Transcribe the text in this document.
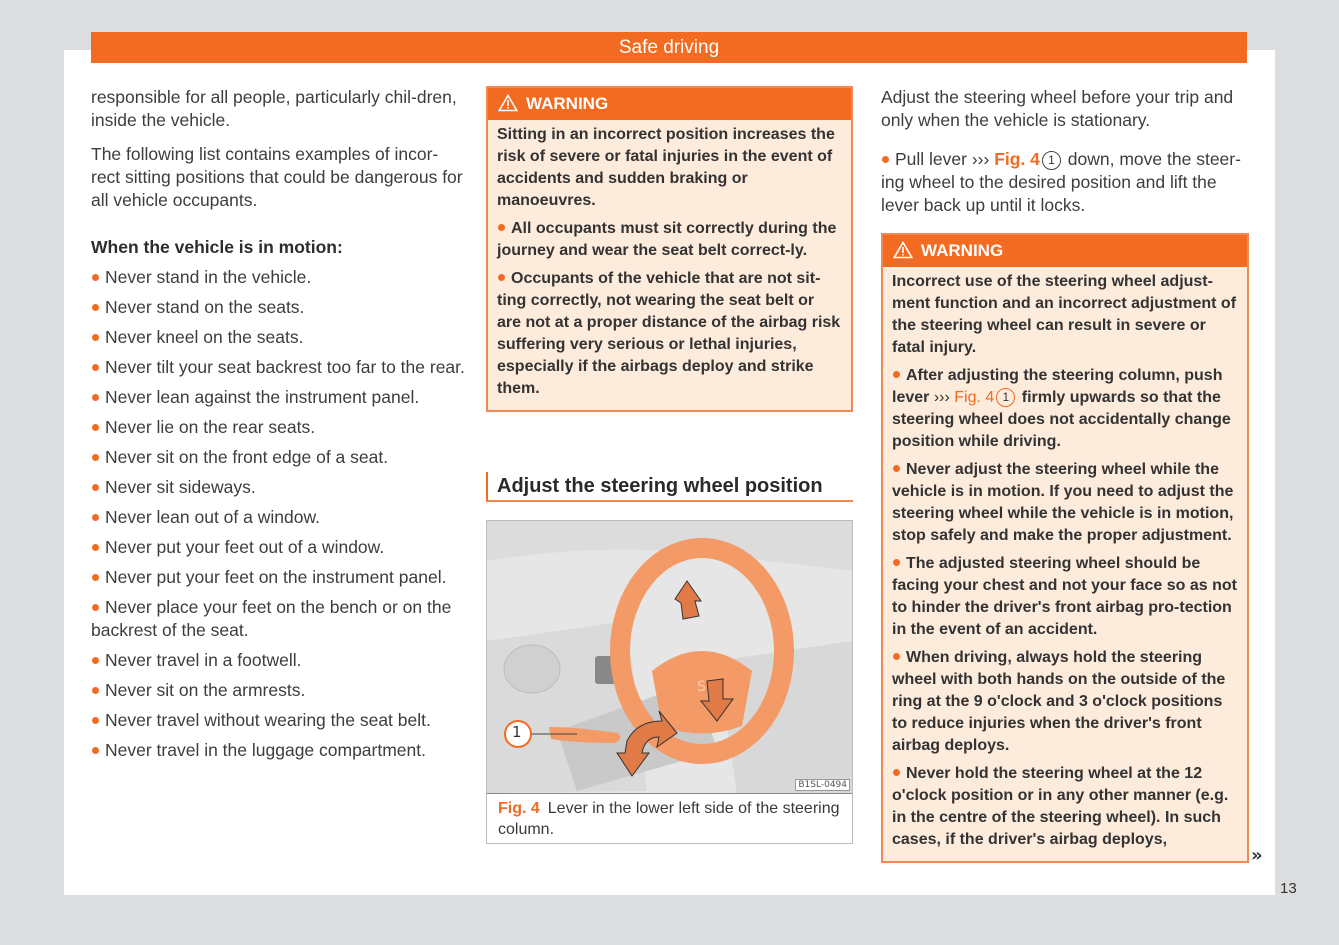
Safe driving

responsible for all people, particularly chil-dren, inside the vehicle.

The following list contains examples of incor-rect sitting positions that could be dangerous for all vehicle occupants.

When the vehicle is in motion:

Never stand in the vehicle.

Never stand on the seats.

Never kneel on the seats.

Never tilt your seat backrest too far to the rear.

Never lean against the instrument panel.

Never lie on the rear seats.

Never sit on the front edge of a seat.

Never sit sideways.

Never lean out of a window.

Never put your feet out of a window.

Never put your feet on the instrument panel.

Never place your feet on the bench or on the backrest of the seat.

Never travel in a footwell.

Never sit on the armrests.

Never travel without wearing the seat belt.

Never travel in the luggage compartment.

WARNING

Sitting in an incorrect position increases the risk of severe or fatal injuries in the event of accidents and sudden braking or manoeuvres.

All occupants must sit correctly during the journey and wear the seat belt correct-ly.

Occupants of the vehicle that are not sit-ting correctly, not wearing the seat belt or are not at a proper distance of the airbag risk suffering very serious or lethal injuries, especially if the airbags deploy and strike them.

Adjust the steering wheel position
S
1
B1SL-0494
Fig. 4 Lever in the lower left side of the steering column.

Adjust the steering wheel before your trip and only when the vehicle is stationary.

Pull lever ››› Fig. 4 1 down, move the steer-ing wheel to the desired position and lift the lever back up until it locks.

WARNING

Incorrect use of the steering wheel adjust-ment function and an incorrect adjustment of the steering wheel can result in severe or fatal injury.

After adjusting the steering column, push lever ››› Fig. 4 1 firmly upwards so that the steering wheel does not accidentally change position while driving.

Never adjust the steering wheel while the vehicle is in motion. If you need to adjust the steering wheel while the vehicle is in motion, stop safely and make the proper adjustment.

The adjusted steering wheel should be facing your chest and not your face so as not to hinder the driver's front airbag pro-tection in the event of an accident.

When driving, always hold the steering wheel with both hands on the outside of the ring at the 9 o'clock and 3 o'clock positions to reduce injuries when the driver's front airbag deploys.

Never hold the steering wheel at the 12 o'clock position or in any other manner (e.g. in the centre of the steering wheel). In such cases, if the driver's airbag deploys,

»
13
